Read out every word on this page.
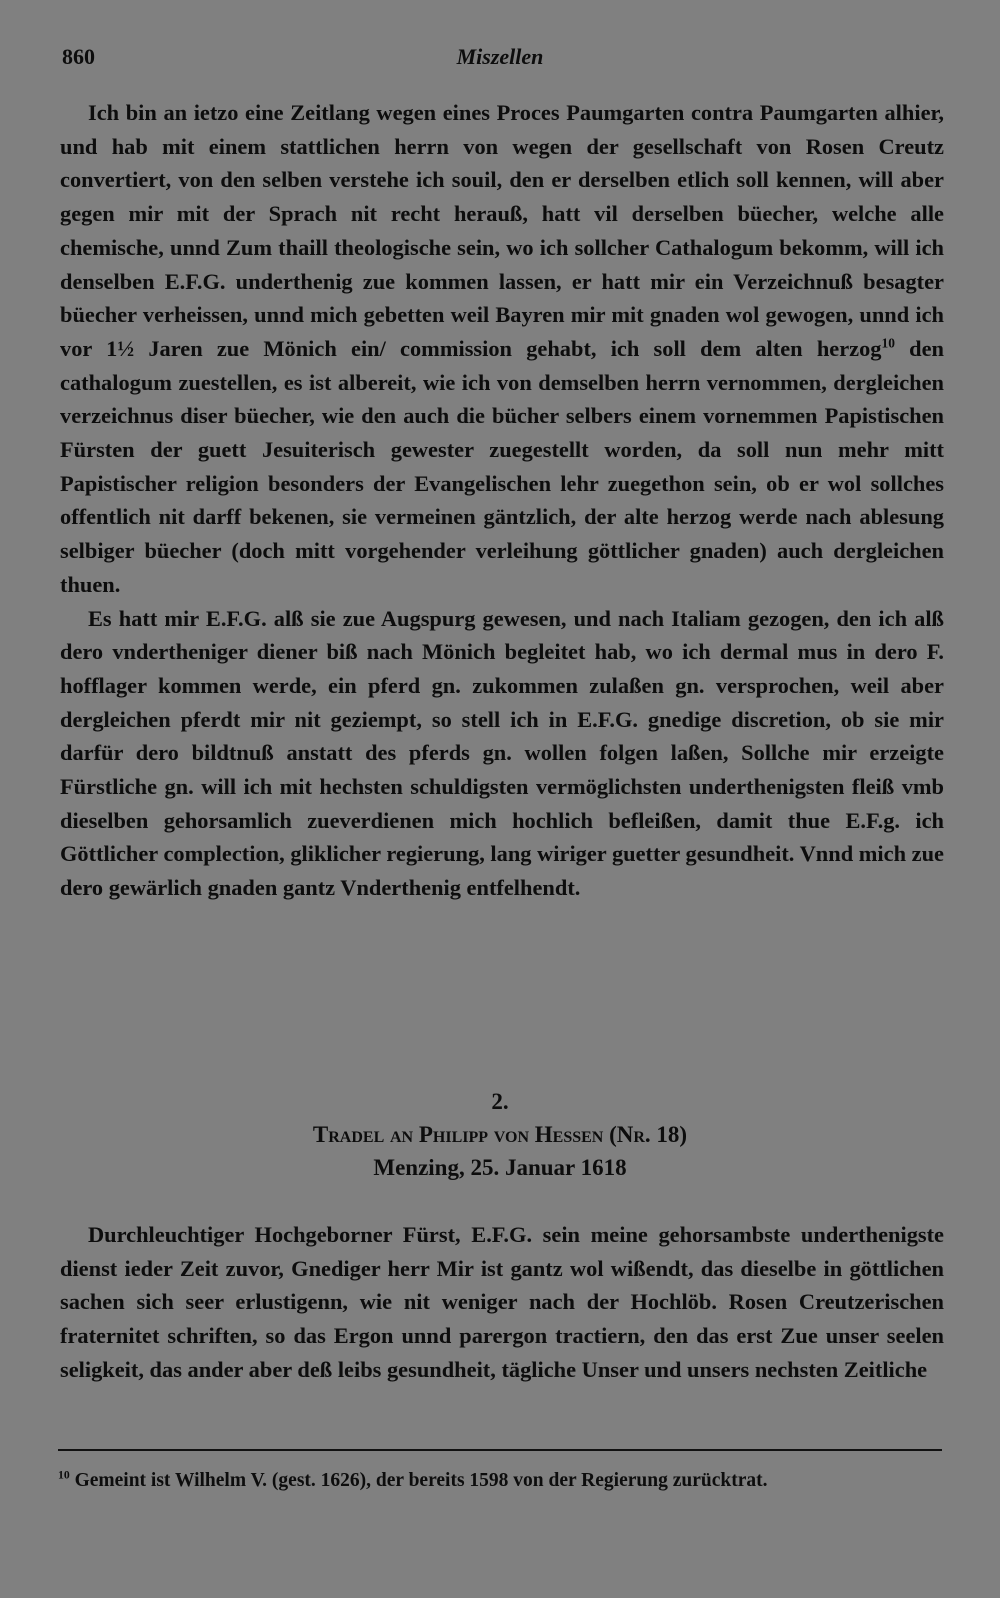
860	Miszellen

Ich bin an ietzo eine Zeitlang wegen eines Proces Paumgarten contra Paumgarten alhier, und hab mit einem stattlichen herrn von wegen der gesellschaft von Rosen Creutz convertiert, von den selben verstehe ich souil, den er derselben etlich soll kennen, will aber gegen mir mit der Sprach nit recht herauß, hatt vil derselben büecher, welche alle chemische, unnd Zum thaill theologische sein, wo ich sollcher Cathalogum bekomm, will ich denselben E.F.G. underthenig zue kommen lassen, er hatt mir ein Verzeichnuß besagter büecher verheissen, unnd mich gebetten weil Bayren mir mit gnaden wol gewogen, unnd ich vor 1½ Jaren zue Mönich ein/ commission gehabt, ich soll dem alten herzog$^{10}$ den cathalogum zuestellen, es ist albereit, wie ich von demselben herrn vernommen, dergleichen verzeichnus diser büecher, wie den auch die bücher selbers einem vornemmen Papistischen Fürsten der guett Jesuiterisch gewester zuegestellt worden, da soll nun mehr mitt Papistischer religion besonders der Evangelischen lehr zuegethon sein, ob er wol sollches offentlich nit darff bekenen, sie vermeinen gäntzlich, der alte herzog werde nach ablesung selbiger büecher (doch mitt vorgehender verleihung göttlicher gnaden) auch dergleichen thuen.

Es hatt mir E.F.G. alß sie zue Augspurg gewesen, und nach Italiam gezogen, den ich alß dero vndertheniger diener biß nach Mönich begleitet hab, wo ich dermal mus in dero F. hofflager kommen werde, ein pferd gn. zukommen zulaßen gn. versprochen, weil aber dergleichen pferdt mir nit geziempt, so stell ich in E.F.G. gnedige discretion, ob sie mir darfür dero bildtnuß anstatt des pferds gn. wollen folgen laßen, Sollche mir erzeigte Fürstliche gn. will ich mit hechsten schuldigsten vermöglichsten underthenigsten fleiß vmb dieselben gehorsamlich zueverdienen mich hochlich befleißen, damit thue E.F.g. ich Göttlicher complection, gliklicher regierung, lang wiriger guetter gesundheit. Vnnd mich zue dero gewärlich gnaden gantz Vnderthenig entfelhendt.

2.
Tradel an Philipp von Hessen (Nr. 18)
Menzing, 25. Januar 1618

Durchleuchtiger Hochgeborner Fürst, E.F.G. sein meine gehorsambste underthenigste dienst ieder Zeit zuvor, Gnediger herr Mir ist gantz wol wißendt, das dieselbe in göttlichen sachen sich seer erlustigenn, wie nit weniger nach der Hochlöb. Rosen Creutzerischen fraternitet schriften, so das Ergon unnd parergon tractiern, den das erst Zue unser seelen seligkeit, das ander aber deß leibs gesundheit, tägliche Unser und unsers nechsten Zeitliche

$^{10}$ Gemeint ist Wilhelm V. (gest. 1626), der bereits 1598 von der Regierung zurücktrat.
